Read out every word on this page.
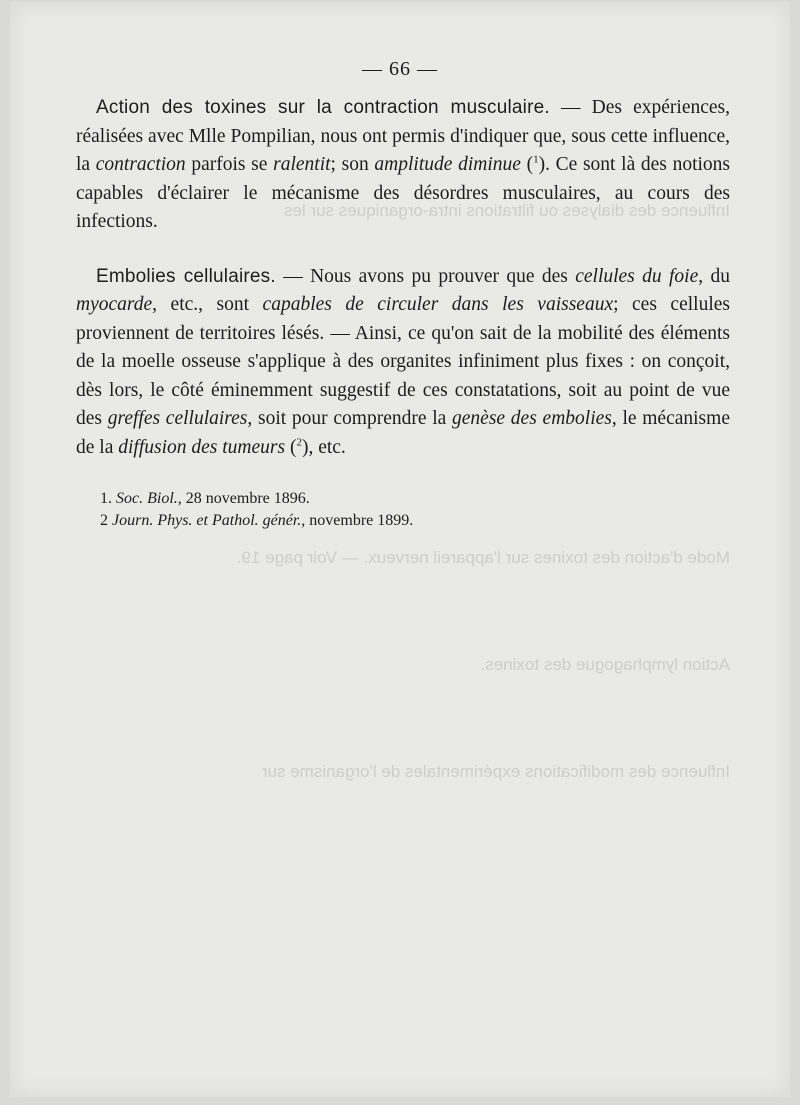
Influence des dialyses ou filtrations intra-organiques sur les

Mode d'action des toxines sur l'appareil nerveux. — Voir page 19.

Action lymphagogue des toxines.

Influence des modifications expérimentales de l'organisme sur

— 66 —

Action des toxines sur la contraction musculaire. — Des expériences, réalisées avec Mlle Pompilian, nous ont permis d'indiquer que, sous cette influence, la contraction parfois se ralentit; son amplitude diminue ($^1$). Ce sont là des notions capables d'éclairer le mécanisme des désordres musculaires, au cours des infections.

Embolies cellulaires. — Nous avons pu prouver que des cellules du foie, du myocarde, etc., sont capables de circuler dans les vaisseaux; ces cellules proviennent de territoires lésés. — Ainsi, ce qu'on sait de la mobilité des éléments de la moelle osseuse s'applique à des organites infiniment plus fixes : on conçoit, dès lors, le côté éminemment suggestif de ces constatations, soit au point de vue des greffes cellulaires, soit pour comprendre la genèse des embolies, le mécanisme de la diffusion des tumeurs ($^2$), etc.

1. Soc. Biol., 28 novembre 1896.

2 Journ. Phys. et Pathol. génér., novembre 1899.
